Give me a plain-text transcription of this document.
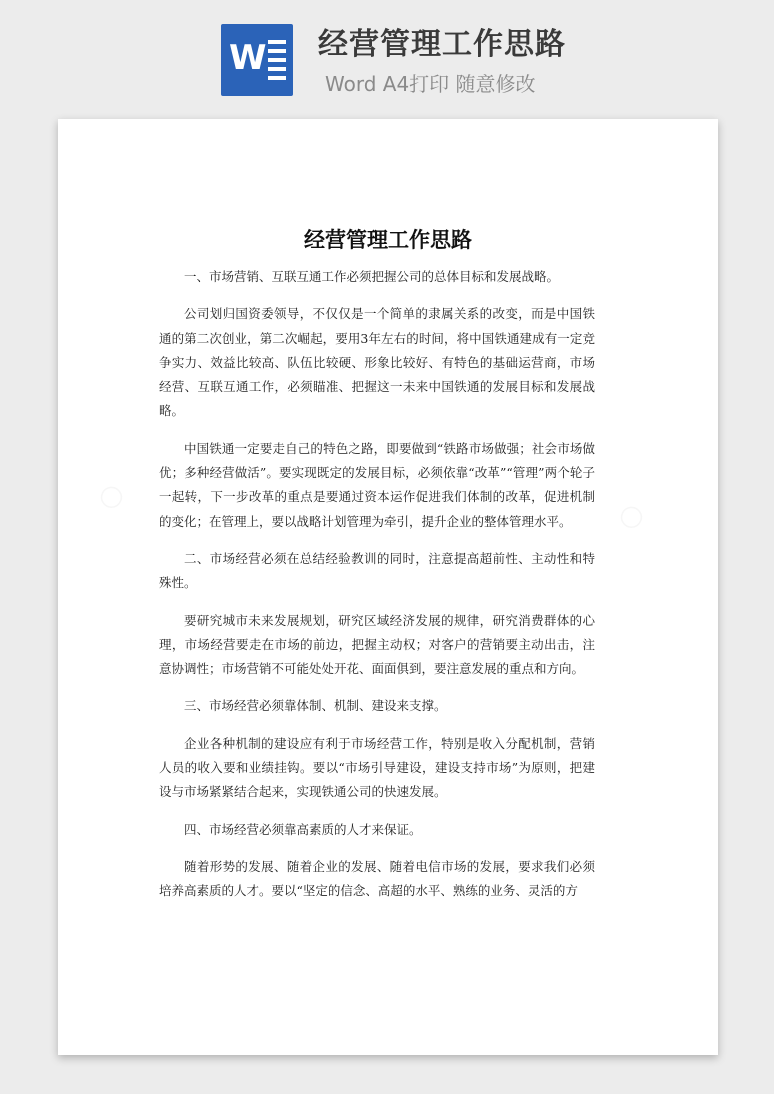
W 经营管理工作思路
Word A4打印 随意修改
经营管理工作思路

一、市场营销、互联互通工作必须把握公司的总体目标和发展战略。

公司划归国资委领导，不仅仅是一个简单的隶属关系的改变，而是中国铁通的第二次创业，第二次崛起，要用3年左右的时间，将中国铁通建成有一定竞争实力、效益比较高、队伍比较硬、形象比较好、有特色的基础运营商，市场经营、互联互通工作，必须瞄准、把握这一未来中国铁通的发展目标和发展战略。

中国铁通一定要走自己的特色之路，即要做到“铁路市场做强；社会市场做优；多种经营做活”。要实现既定的发展目标，必须依靠“改革”“管理”两个轮子一起转，下一步改革的重点是要通过资本运作促进我们体制的改革，促进机制的变化；在管理上，要以战略计划管理为牵引，提升企业的整体管理水平。

二、市场经营必须在总结经验教训的同时，注意提高超前性、主动性和特殊性。

要研究城市未来发展规划，研究区域经济发展的规律，研究消费群体的心理，市场经营要走在市场的前边，把握主动权；对客户的营销要主动出击，注意协调性；市场营销不可能处处开花、面面俱到，要注意发展的重点和方向。

三、市场经营必须靠体制、机制、建设来支撑。

企业各种机制的建设应有利于市场经营工作，特别是收入分配机制，营销人员的收入要和业绩挂钩。要以“市场引导建设，建设支持市场”为原则，把建设与市场紧紧结合起来，实现铁通公司的快速发展。

四、市场经营必须靠高素质的人才来保证。

随着形势的发展、随着企业的发展、随着电信市场的发展，要求我们必须培养高素质的人才。要以“坚定的信念、高超的水平、熟练的业务、灵活的方
